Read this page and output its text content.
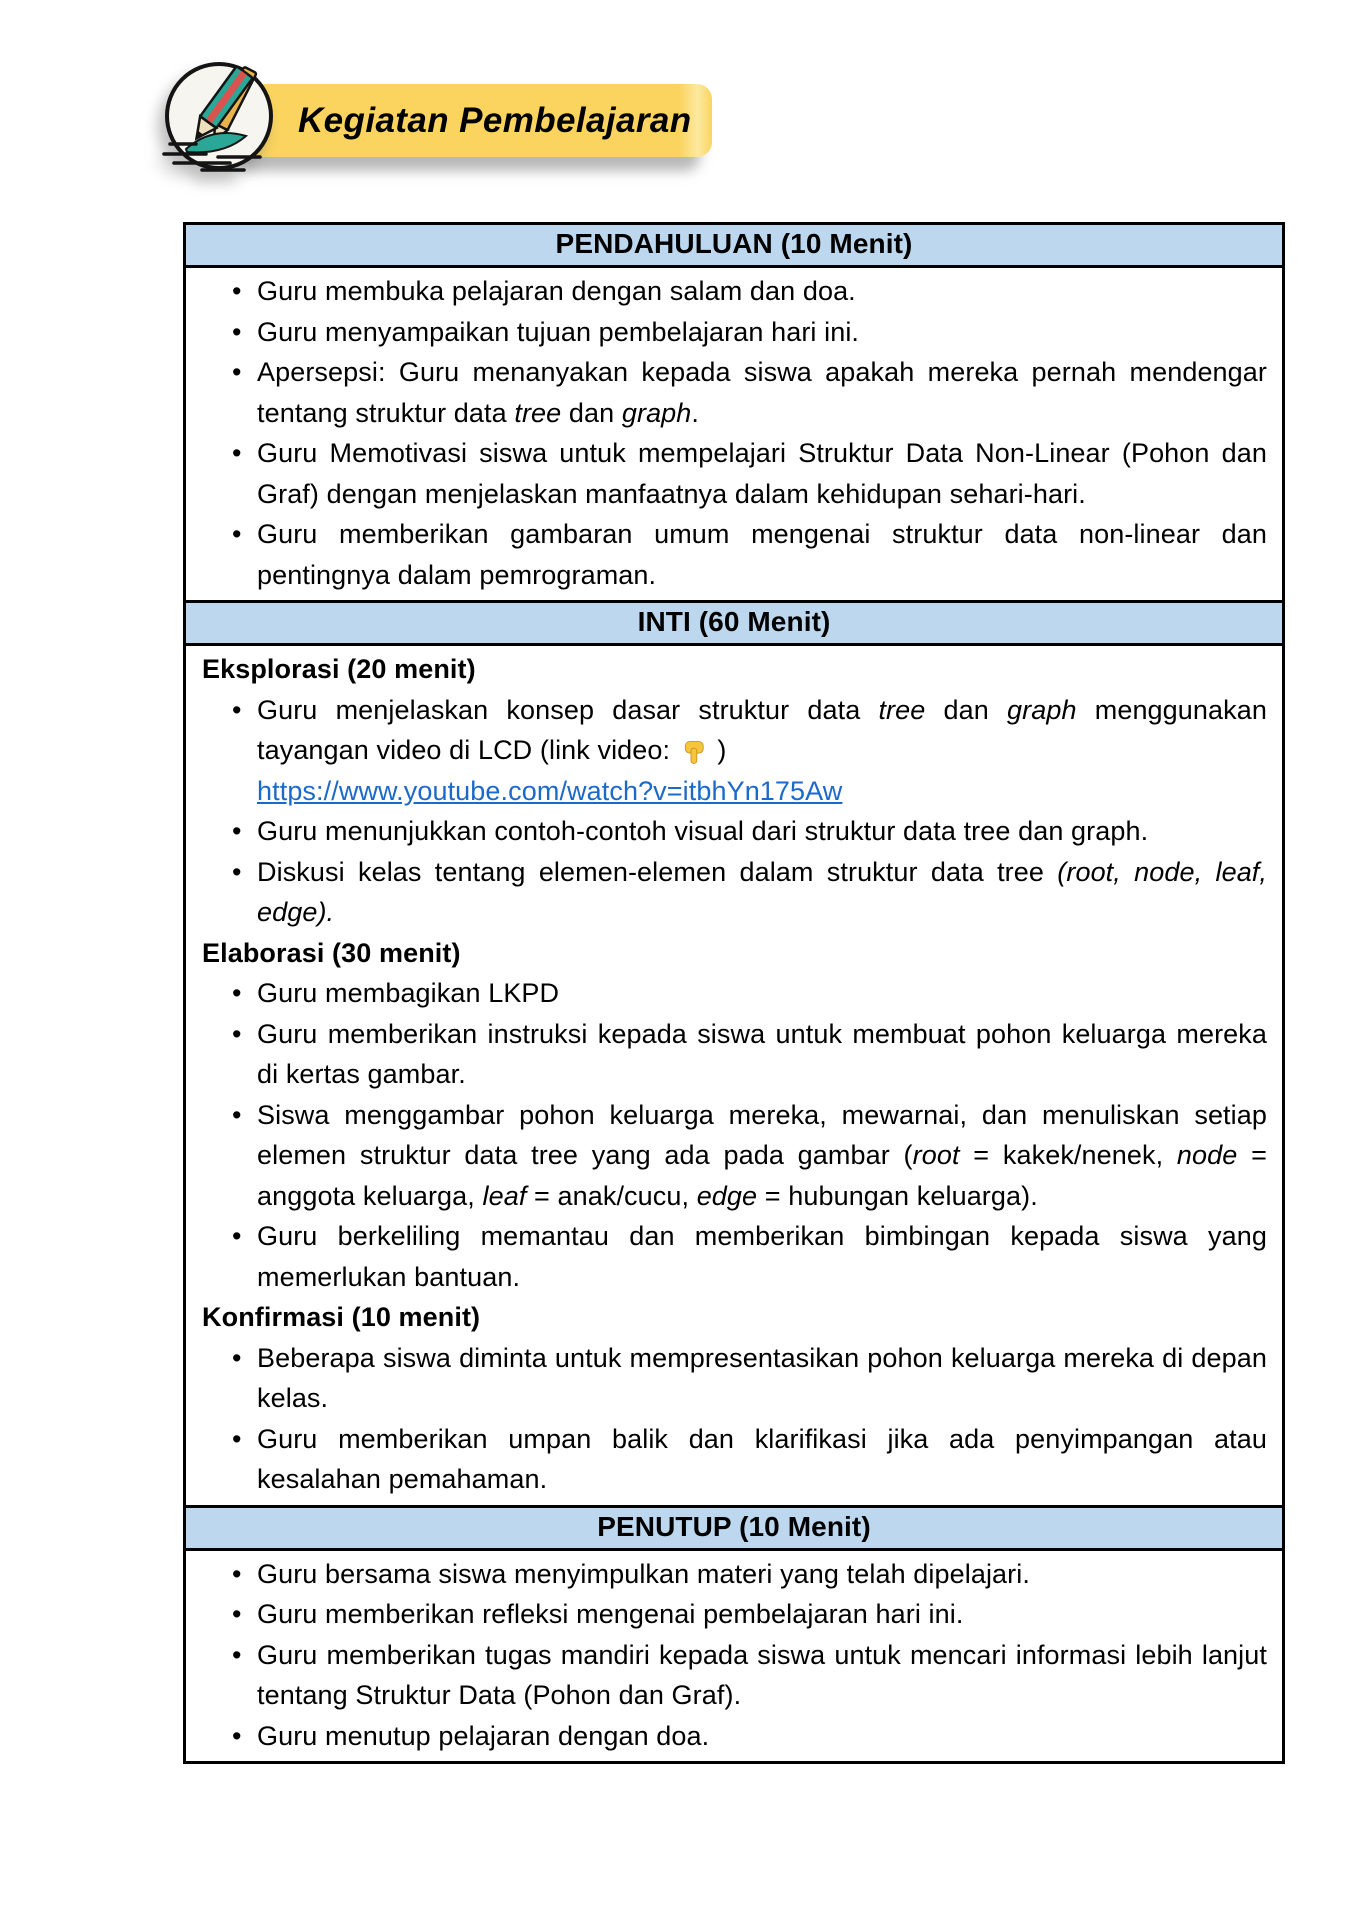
Kegiatan Pembelajaran
PENDAHULUAN (10 Menit)
• Guru membuka pelajaran dengan salam dan doa.
• Guru menyampaikan tujuan pembelajaran hari ini.
• Apersepsi: Guru menanyakan kepada siswa apakah mereka pernah mendengar tentang struktur data tree dan graph.
• Guru Memotivasi siswa untuk mempelajari Struktur Data Non-Linear (Pohon dan Graf) dengan menjelaskan manfaatnya dalam kehidupan sehari-hari.
• Guru memberikan gambaran umum mengenai struktur data non-linear dan pentingnya dalam pemrograman.
INTI (60 Menit)
Eksplorasi (20 menit)
• Guru menjelaskan konsep dasar struktur data tree dan graph menggunakan tayangan video di LCD (link video:  )
https://www.youtube.com/watch?v=itbhYn175Aw
• Guru menunjukkan contoh-contoh visual dari struktur data tree dan graph.
• Diskusi kelas tentang elemen-elemen dalam struktur data tree (root, node, leaf, edge).
Elaborasi (30 menit)
• Guru membagikan LKPD
• Guru memberikan instruksi kepada siswa untuk membuat pohon keluarga mereka di kertas gambar.
• Siswa menggambar pohon keluarga mereka, mewarnai, dan menuliskan setiap elemen struktur data tree yang ada pada gambar (root = kakek/nenek, node = anggota keluarga, leaf = anak/cucu, edge = hubungan keluarga).
• Guru berkeliling memantau dan memberikan bimbingan kepada siswa yang memerlukan bantuan.
Konfirmasi (10 menit)
• Beberapa siswa diminta untuk mempresentasikan pohon keluarga mereka di depan kelas.
• Guru memberikan umpan balik dan klarifikasi jika ada penyimpangan atau kesalahan pemahaman.
PENUTUP (10 Menit)
• Guru bersama siswa menyimpulkan materi yang telah dipelajari.
• Guru memberikan refleksi mengenai pembelajaran hari ini.
• Guru memberikan tugas mandiri kepada siswa untuk mencari informasi lebih lanjut tentang Struktur Data (Pohon dan Graf).
• Guru menutup pelajaran dengan doa.
